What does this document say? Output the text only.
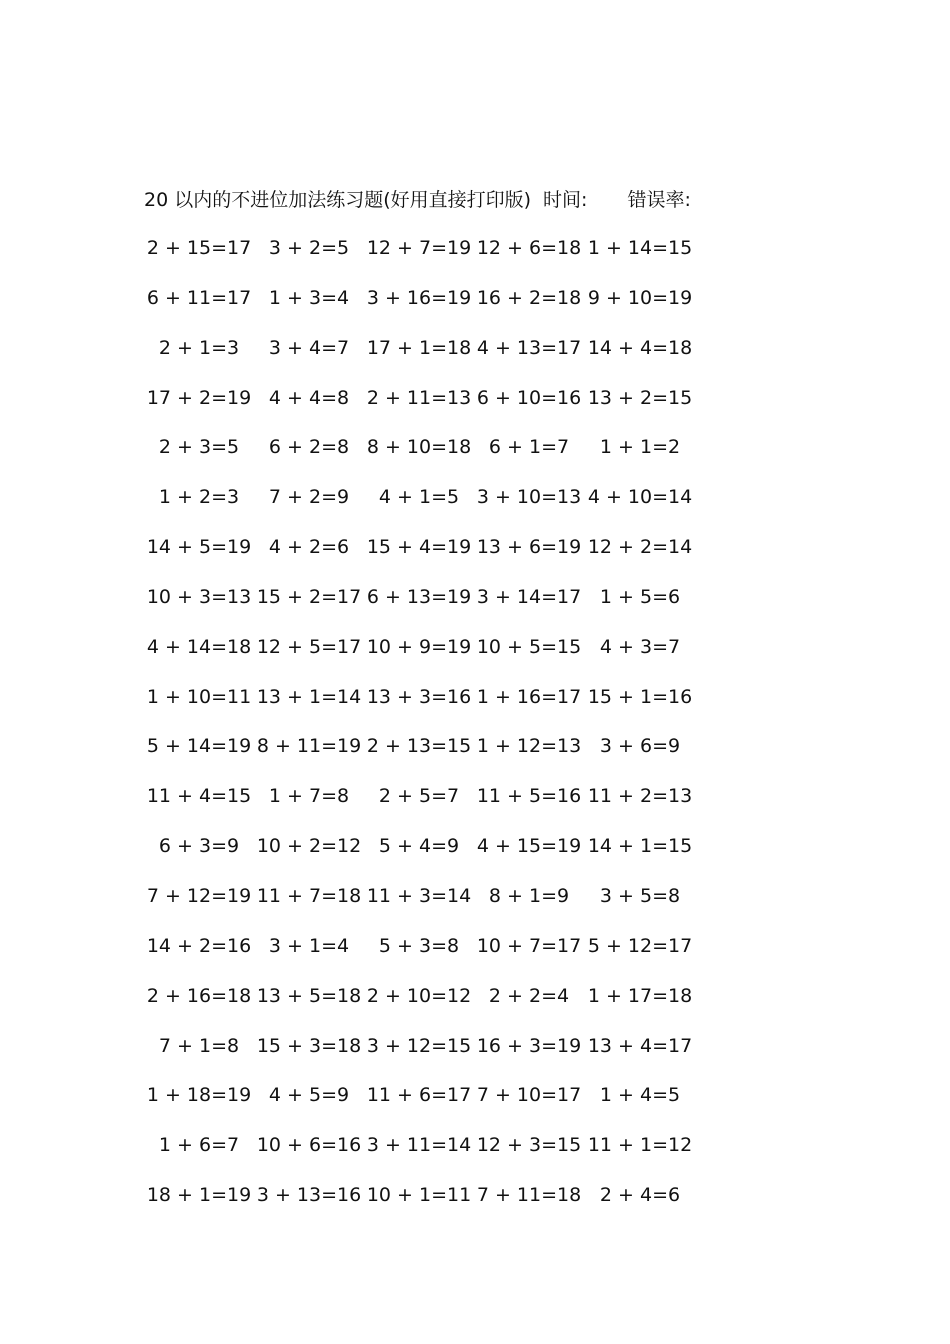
20 以内的不进位加法练习题(好用直接打印版) 时间: 错误率:
2 + 15=17 3 + 2=5 12 + 7=19 12 + 6=18 1 + 14=15
6 + 11=17 1 + 3=4 3 + 16=19 16 + 2=18 9 + 10=19
2 + 1=3	3 + 4=7 17 + 1=18 4 + 13=17 14 + 4=18
17 + 2=19 4 + 4=8 2 + 11=13 6 + 10=16 13 + 2=15
2 + 3=5	6 + 2=8 8 + 10=18 6 + 1=7	1 + 1=2
1 + 2=3	7 + 2=9	4 + 1=5 3 + 10=13 4 + 10=14
14 + 5=19 4 + 2=6 15 + 4=19 13 + 6=19 12 + 2=14
10 + 3=13 15 + 2=17 6 + 13=19 3 + 14=17 1 + 5=6
4 + 14=18 12 + 5=17 10 + 9=19 10 + 5=15 4 + 3=7
1 + 10=11 13 + 1=14 13 + 3=16 1 + 16=17 15 + 1=16
5 + 14=19 8 + 11=19 2 + 13=15 1 + 12=13 3 + 6=9
11 + 4=15 1 + 7=8	2 + 5=7 11 + 5=16 11 + 2=13
6 + 3=9 10 + 2=12 5 + 4=9 4 + 15=19 14 + 1=15
7 + 12=19 11 + 7=18 11 + 3=14 8 + 1=9	3 + 5=8
14 + 2=16 3 + 1=4	5 + 3=8 10 + 7=17 5 + 12=17
2 + 16=18 13 + 5=18 2 + 10=12 2 + 2=4 1 + 17=18
7 + 1=8 15 + 3=18 3 + 12=15 16 + 3=19 13 + 4=17
1 + 18=19 4 + 5=9 11 + 6=17 7 + 10=17 1 + 4=5
1 + 6=7 10 + 6=16 3 + 11=14 12 + 3=15 11 + 1=12
18 + 1=19 3 + 13=16 10 + 1=11 7 + 11=18 2 + 4=6
